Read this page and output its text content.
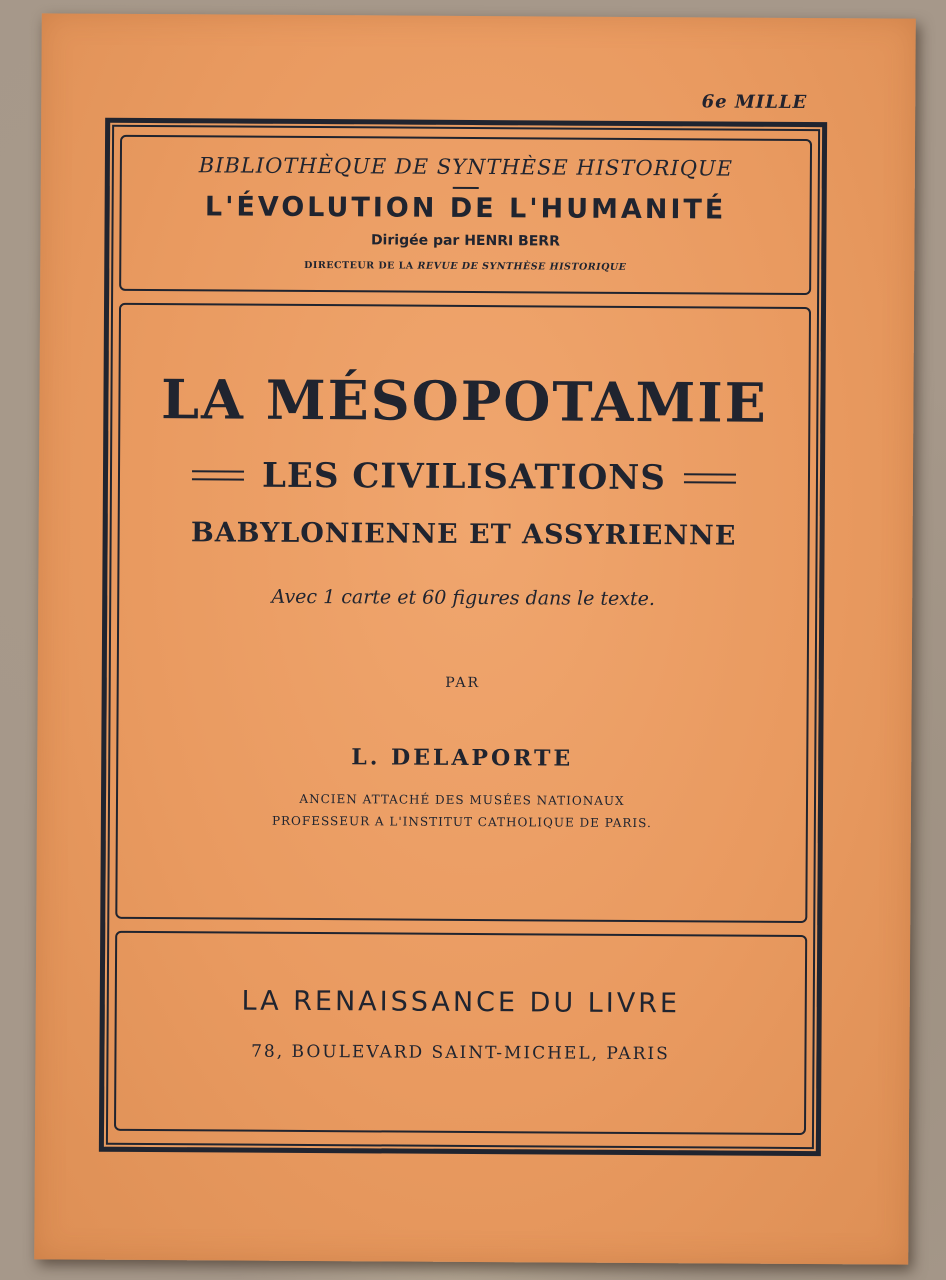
6e MILLE
BIBLIOTHÈQUE DE SYNTHÈSE HISTORIQUE
L'ÉVOLUTION DE L'HUMANITÉ
Dirigée par HENRI BERR
DIRECTEUR DE LA REVUE DE SYNTHÈSE HISTORIQUE
LA MÉSOPOTAMIE
LES CIVILISATIONS
BABYLONIENNE ET ASSYRIENNE
Avec 1 carte et 60 figures dans le texte.
PAR
L. DELAPORTE
ANCIEN ATTACHÉ DES MUSÉES NATIONAUX
PROFESSEUR A L'INSTITUT CATHOLIQUE DE PARIS.
LA RENAISSANCE DU LIVRE
78, BOULEVARD SAINT-MICHEL, PARIS
